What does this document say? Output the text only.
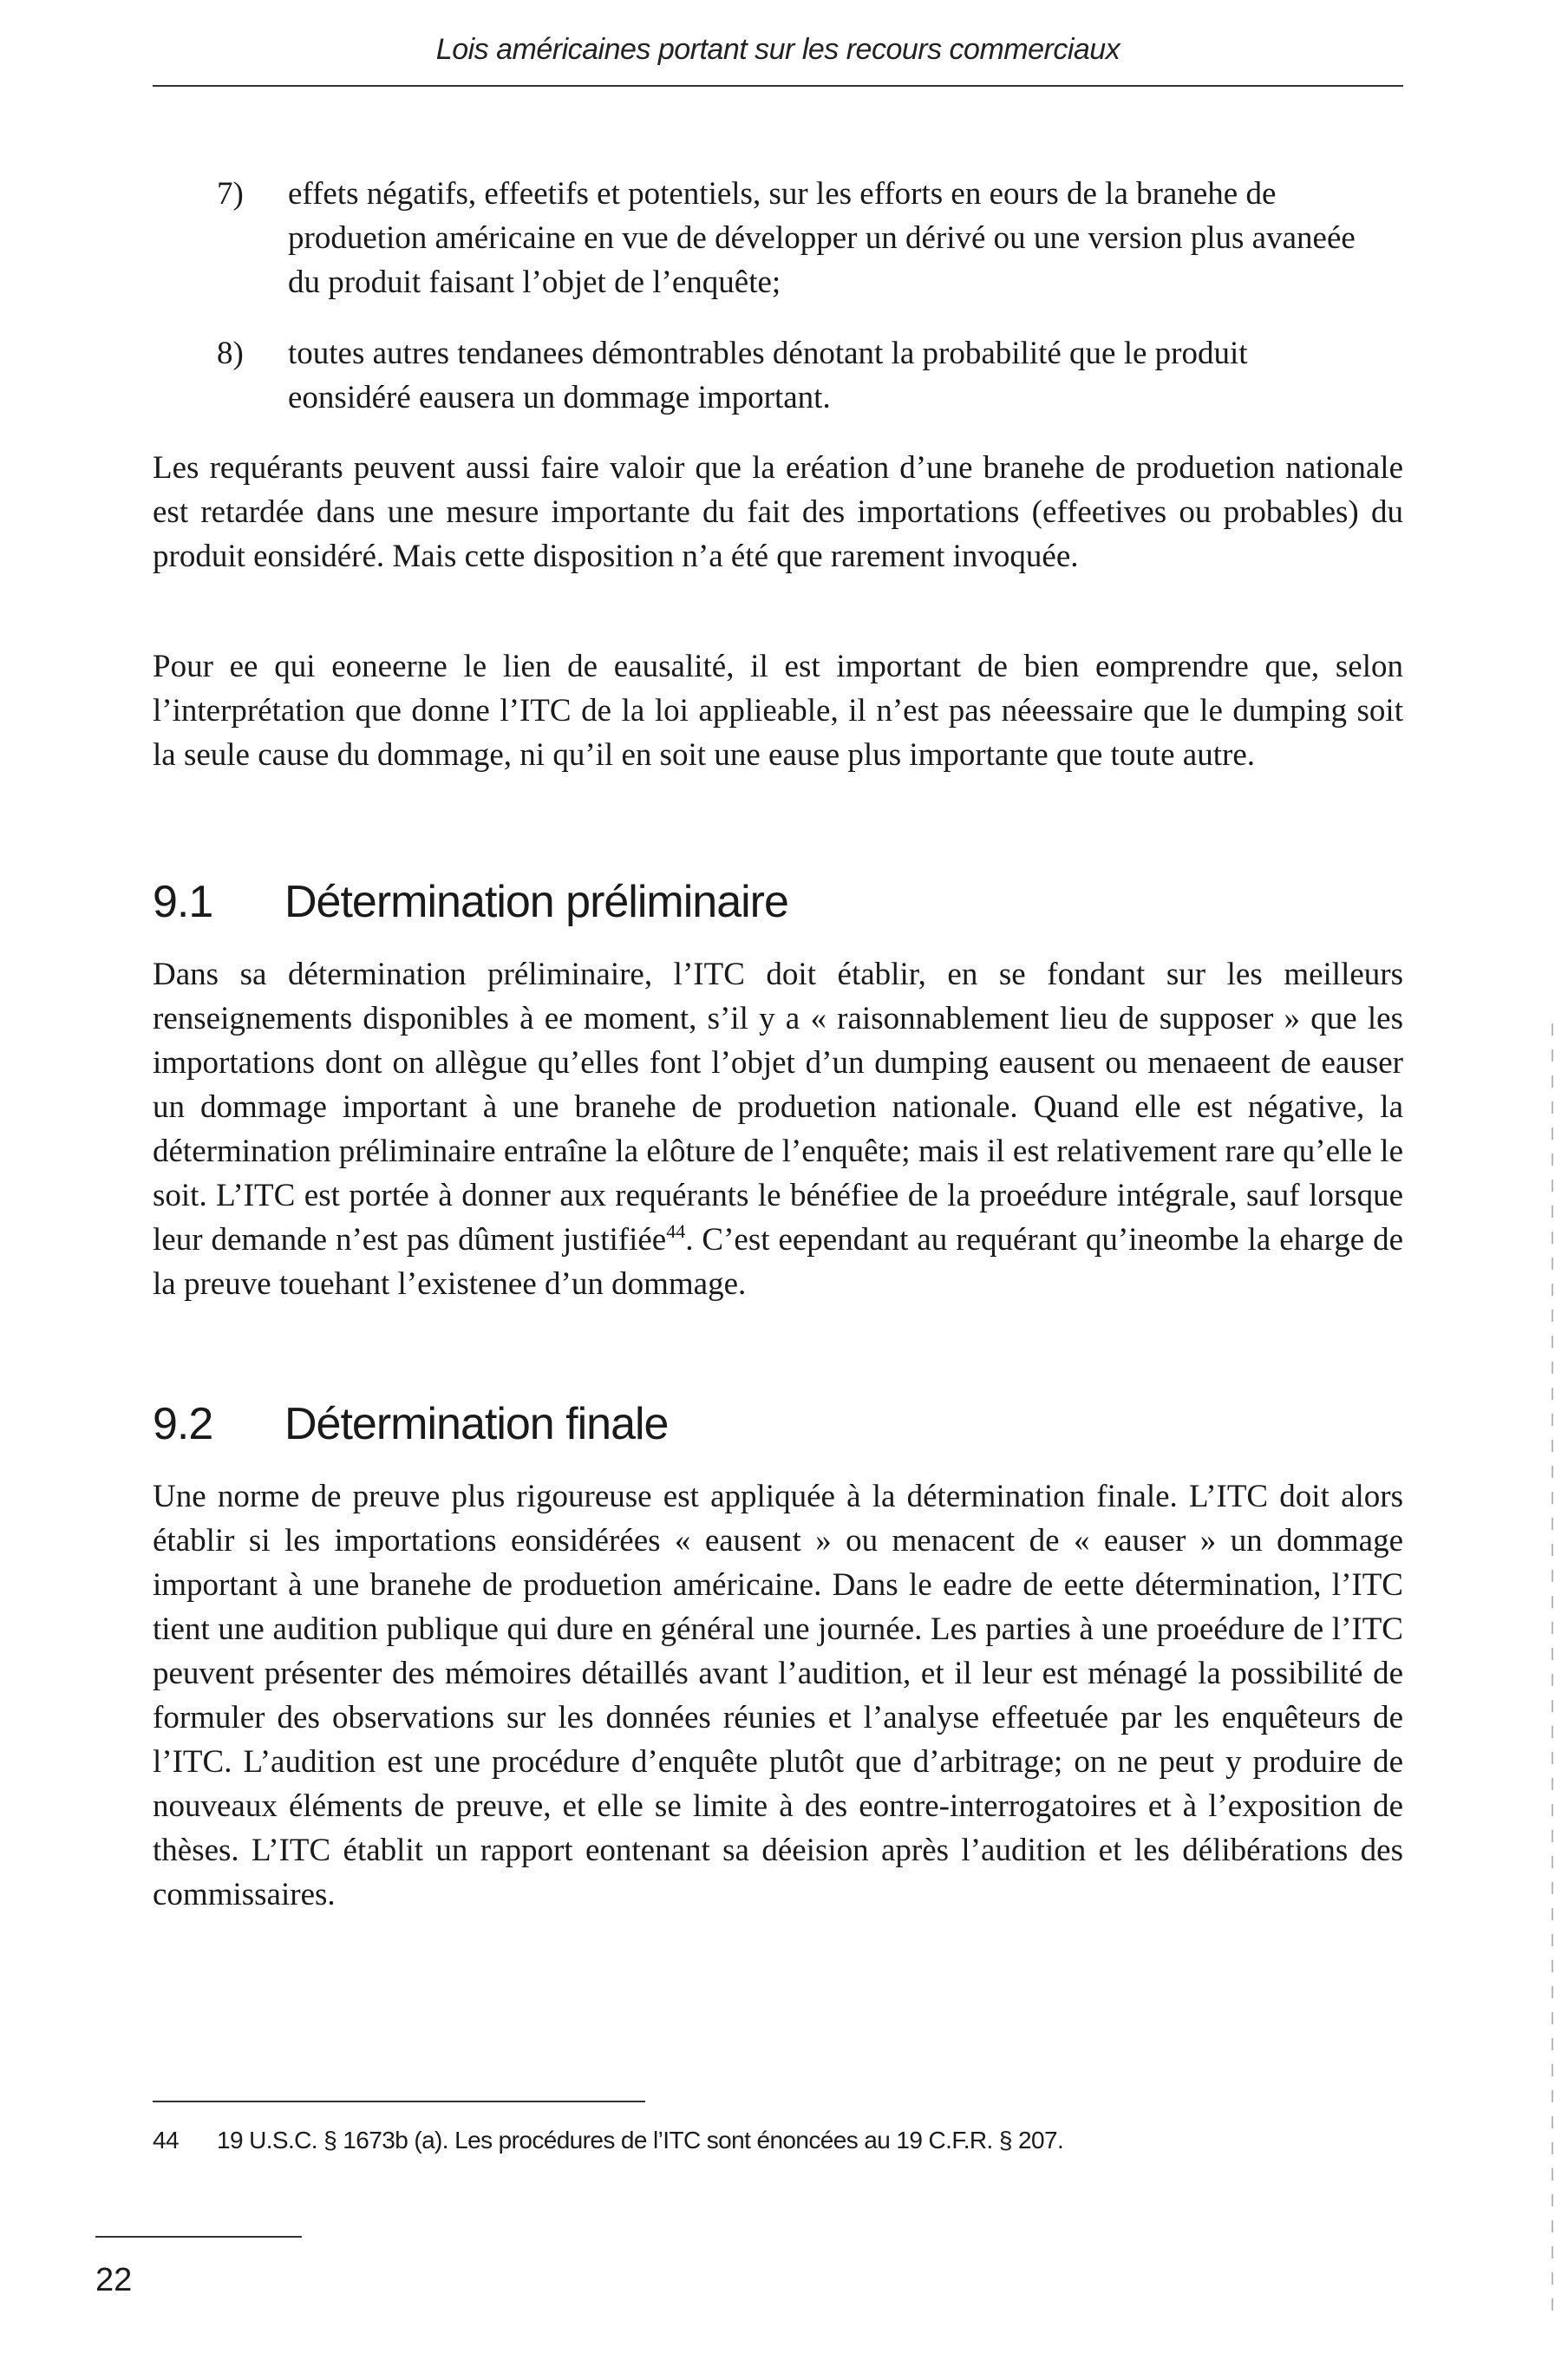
Lois américaines portant sur les recours commerciaux
7) effets négatifs, effeetifs et potentiels, sur les efforts en eours de la branehe de produetion américaine en vue de développer un dérivé ou une version plus avaneée du produit faisant l’objet de l’enquête;
8) toutes autres tendanees démontrables dénotant la probabilité que le produit eonsidéré eausera un dommage important.

Les requérants peuvent aussi faire valoir que la eréation d’une branehe de produetion nationale est retardée dans une mesure importante du fait des importations (effeetives ou probables) du produit eonsidéré. Mais cette disposition n’a été que rarement invoquée.

Pour ee qui eoneerne le lien de eausalité, il est important de bien eomprendre que, selon l’interprétation que donne l’ITC de la loi applieable, il n’est pas néeessaire que le dumping soit la seule cause du dommage, ni qu’il en soit une eause plus importante que toute autre.

9.1 Détermination préliminaire

Dans sa détermination préliminaire, l’ITC doit établir, en se fondant sur les meilleurs renseignements disponibles à ee moment, s’il y a « raisonnablement lieu de supposer » que les importations dont on allègue qu’elles font l’objet d’un dumping eausent ou menaeent de eauser un dommage important à une branehe de produetion nationale. Quand elle est négative, la détermination préliminaire entraîne la elôture de l’enquête; mais il est relativement rare qu’elle le soit. L’ITC est portée à donner aux requérants le bénéfiee de la proeédure intégrale, sauf lorsque leur demande n’est pas dûment justifiée$^{44}$. C’est eependant au requérant qu’ineombe la eharge de la preuve touehant l’existenee d’un dommage.

9.2 Détermination finale

Une norme de preuve plus rigoureuse est appliquée à la détermination finale. L’ITC doit alors établir si les importations eonsidérées « eausent » ou menacent de « eauser » un dommage important à une branehe de produetion américaine. Dans le eadre de eette détermination, l’ITC tient une audition publique qui dure en général une journée. Les parties à une proeédure de l’ITC peuvent présenter des mémoires détaillés avant l’audition, et il leur est ménagé la possibilité de formuler des observations sur les données réunies et l’analyse effeetuée par les enquêteurs de l’ITC. L’audition est une procédure d’enquête plutôt que d’arbitrage; on ne peut y produire de nouveaux éléments de preuve, et elle se limite à des eontre-interrogatoires et à l’exposition de thèses. L’ITC établit un rapport eontenant sa déeision après l’audition et les délibérations des commissaires.

44 19 U.S.C. § 1673b (a). Les procédures de l’ITC sont énoncées au 19 C.F.R. § 207.
22
